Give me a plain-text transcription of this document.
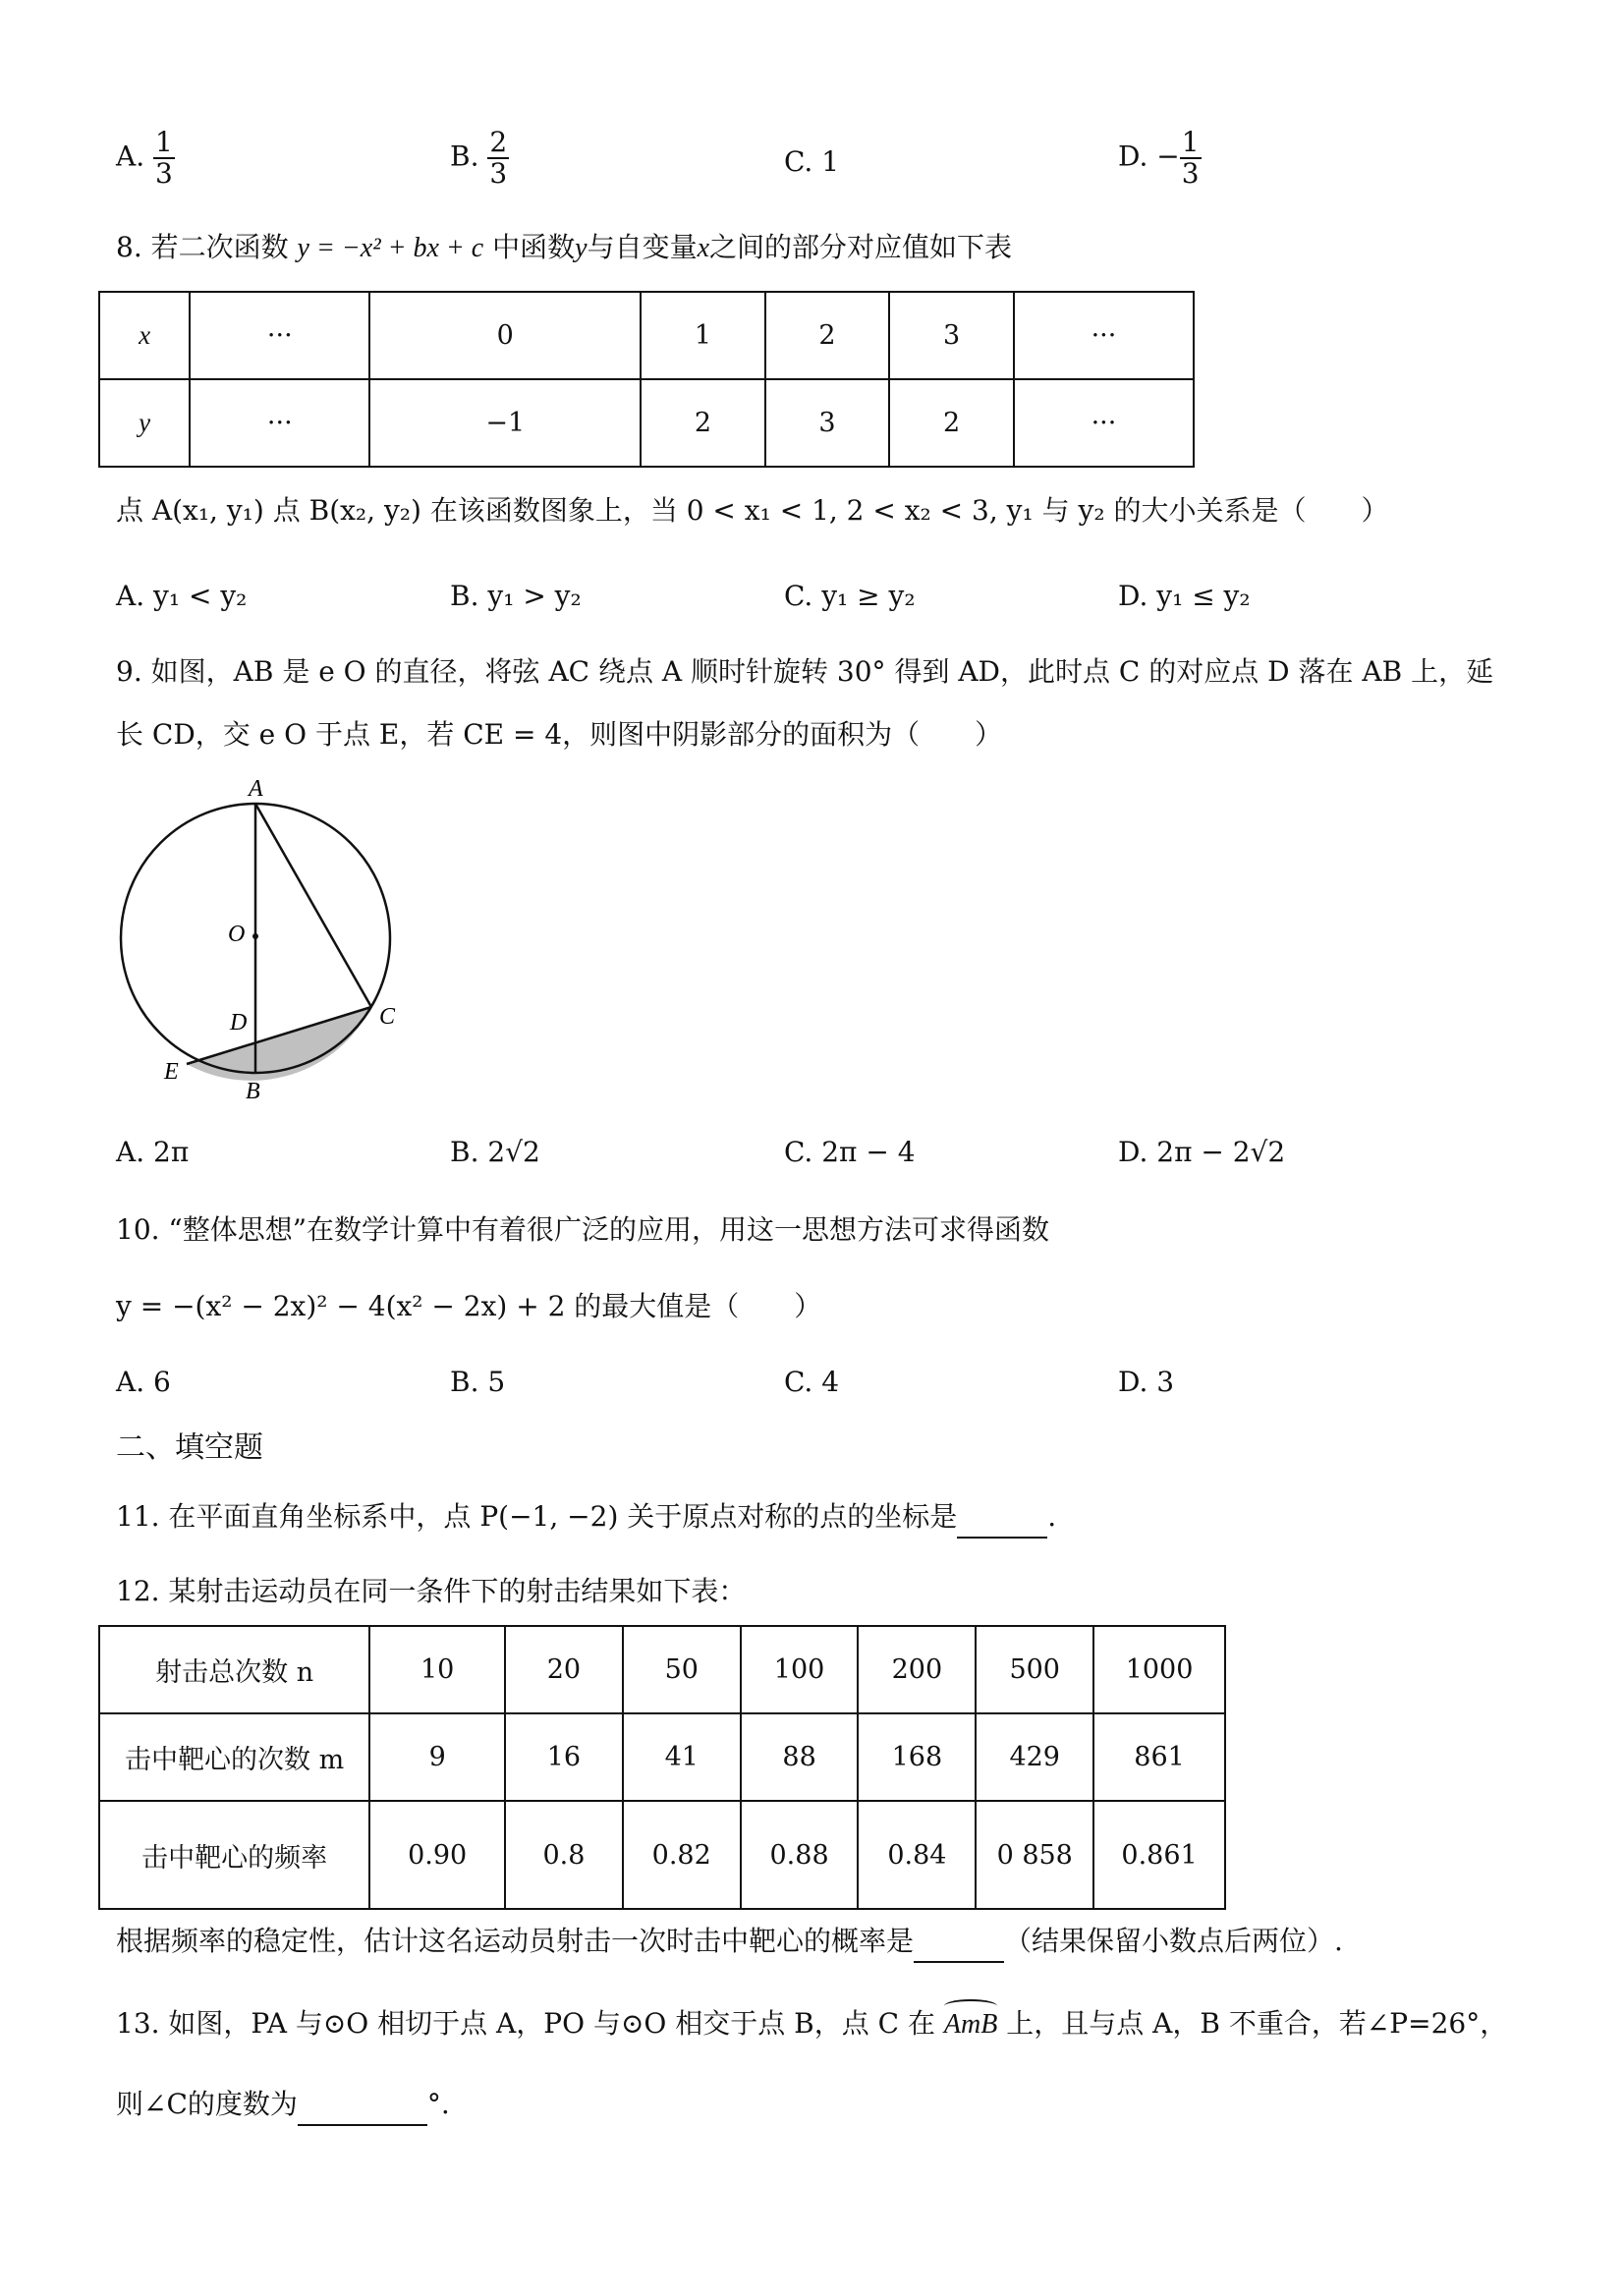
A. $\frac{1}{3}$	B. $\frac{2}{3}$	C. 1	D. − $\frac{1}{3}$
8. 若二次函数 y = −x² + bx + c 中函数y与自变量x之间的部分对应值如下表
x	···	0	1	2	3	···
y	···	−1	2	3	2	···
点 A(x₁, y₁) 点 B(x₂, y₂) 在该函数图象上，当 0 < x₁ < 1, 2 < x₂ < 3, y₁ 与 y₂ 的大小关系是（　　）
A. y₁ < y₂	B. y₁ > y₂	C. y₁ ≥ y₂	D. y₁ ≤ y₂
9. 如图，AB 是 e O 的直径，将弦 AC 绕点 A 顺时针旋转 30° 得到 AD，此时点 C 的对应点 D 落在 AB 上，延
长 CD，交 e O 于点 E，若 CE = 4，则图中阴影部分的面积为（　　）
A
O
D	C
E
B
A. 2π	B. 2√2	C. 2π − 4	D. 2π − 2√2
10. “整体思想”在数学计算中有着很广泛的应用，用这一思想方法可求得函数
y = −(x² − 2x)² − 4(x² − 2x) + 2 的最大值是（　　）
A. 6	B. 5	C. 4	D. 3
二、填空题
11. 在平面直角坐标系中，点 P(−1, −2) 关于原点对称的点的坐标是	.
12. 某射击运动员在同一条件下的射击结果如下表：
射击总次数 n	10	20	50	100	200	500	1000
击中靶心的次数 m	9	16	41	88	168	429	861
击中靶心的频率	0.90	0.8	0.82	0.88	0.84	0 858	0.861
根据频率的稳定性，估计这名运动员射击一次时击中靶心的概率是	（结果保留小数点后两位）.
13. 如图，PA 与⊙O 相切于点 A，PO 与⊙O 相交于点 B，点 C 在 AmB 上，且与点 A，B 不重合，若∠P=26°，
则∠C的度数为	°.
